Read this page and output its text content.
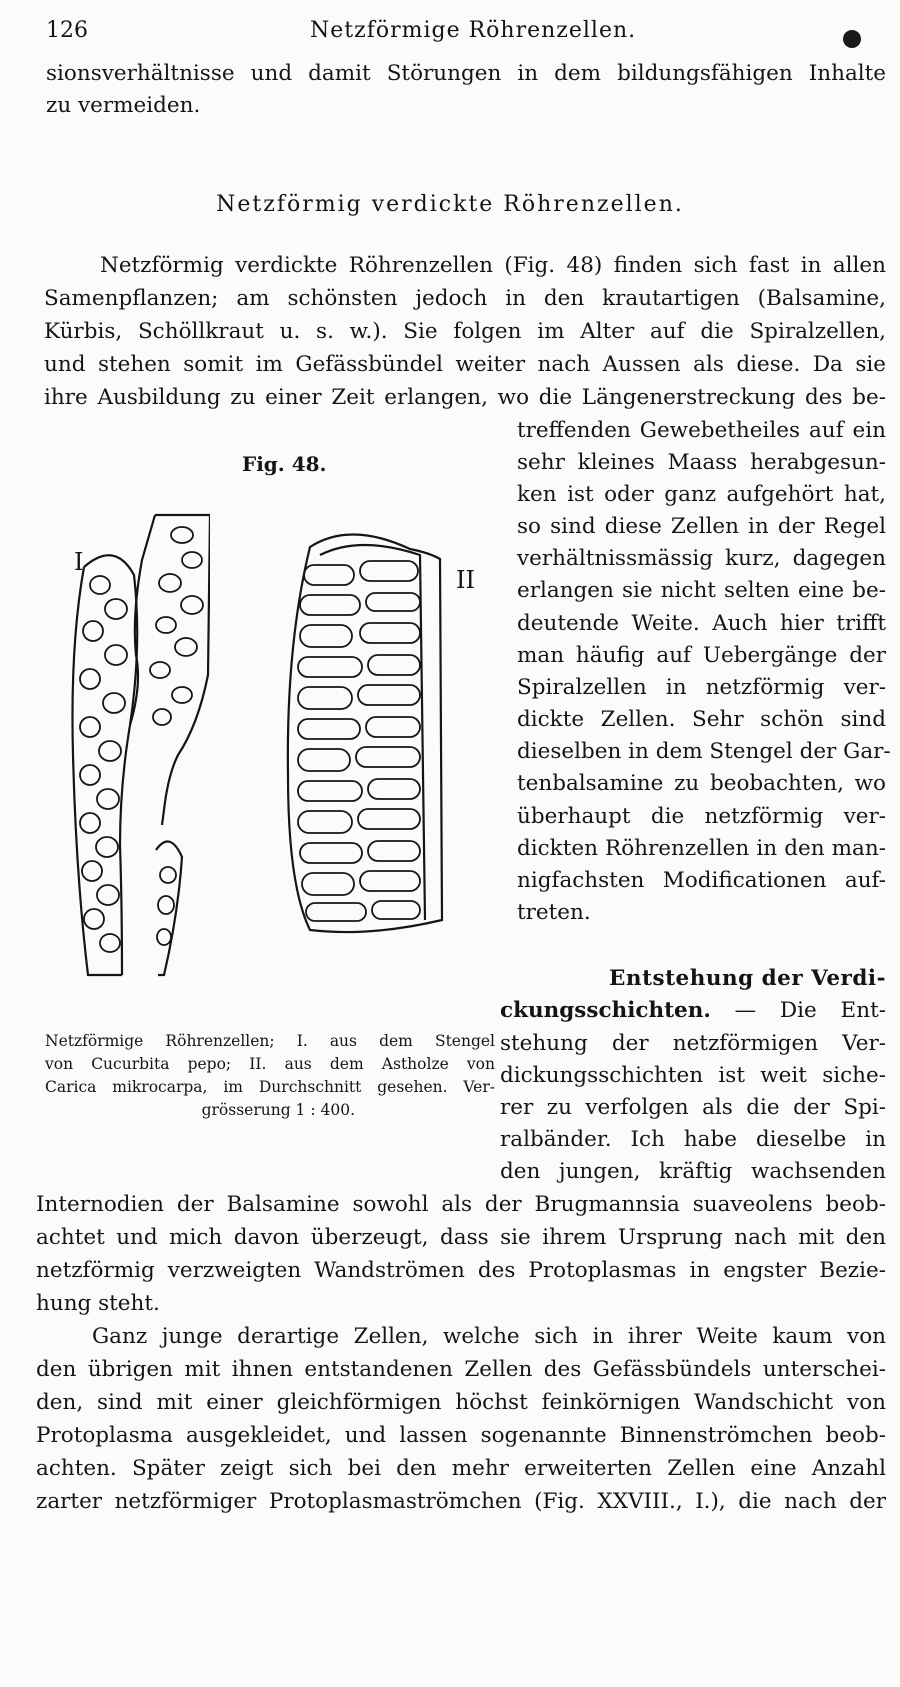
126	Netzförmige Röhrenzellen.
sionsverhältnisse und damit Störungen in dem bildungsfähigen Inhalte
zu vermeiden.
Netzförmig verdickte Röhrenzellen.
Netzförmig verdickte Röhrenzellen (Fig. 48) finden sich fast in allen
Samenpflanzen; am schönsten jedoch in den krautartigen (Balsamine,
Kürbis, Schöllkraut u. s. w.). Sie folgen im Alter auf die Spiralzellen,
und stehen somit im Gefässbündel weiter nach Aussen als diese. Da sie
ihre Ausbildung zu einer Zeit erlangen, wo die Längenerstreckung des be-
treffenden Gewebetheiles auf ein
sehr kleines Maass herabgesun-
ken ist oder ganz aufgehört hat,
so sind diese Zellen in der Regel
verhältnissmässig kurz, dagegen
erlangen sie nicht selten eine be-
deutende Weite. Auch hier trifft
man häufig auf Uebergänge der
Spiralzellen in netzförmig ver-
dickte Zellen. Sehr schön sind
dieselben in dem Stengel der Gar-
tenbalsamine zu beobachten, wo
überhaupt die netzförmig ver-
dickten Röhrenzellen in den man-
nigfachsten Modificationen auf-
treten.
Entstehung der Verdi-
ckungsschichten. — Die Ent-
stehung der netzförmigen Ver-
dickungsschichten ist weit siche-
rer zu verfolgen als die der Spi-
ralbänder. Ich habe dieselbe in
den jungen, kräftig wachsenden
Internodien der Balsamine sowohl als der Brugmannsia suaveolens beob-
achtet und mich davon überzeugt, dass sie ihrem Ursprung nach mit den
netzförmig verzweigten Wandströmen des Protoplasmas in engster Bezie-
hung steht.
Ganz junge derartige Zellen, welche sich in ihrer Weite kaum von
den übrigen mit ihnen entstandenen Zellen des Gefässbündels unterschei-
den, sind mit einer gleichförmigen höchst feinkörnigen Wandschicht von
Protoplasma ausgekleidet, und lassen sogenannte Binnenströmchen beob-
achten. Später zeigt sich bei den mehr erweiterten Zellen eine Anzahl
zarter netzförmiger Protoplasmaströmchen (Fig. XXVIII., I.), die nach der
Fig. 48.
I
II
Netzförmige Röhrenzellen; I. aus dem Stengel
von Cucurbita pepo; II. aus dem Astholze von
Carica mikrocarpa, im Durchschnitt gesehen. Ver-
grösserung 1 : 400.
